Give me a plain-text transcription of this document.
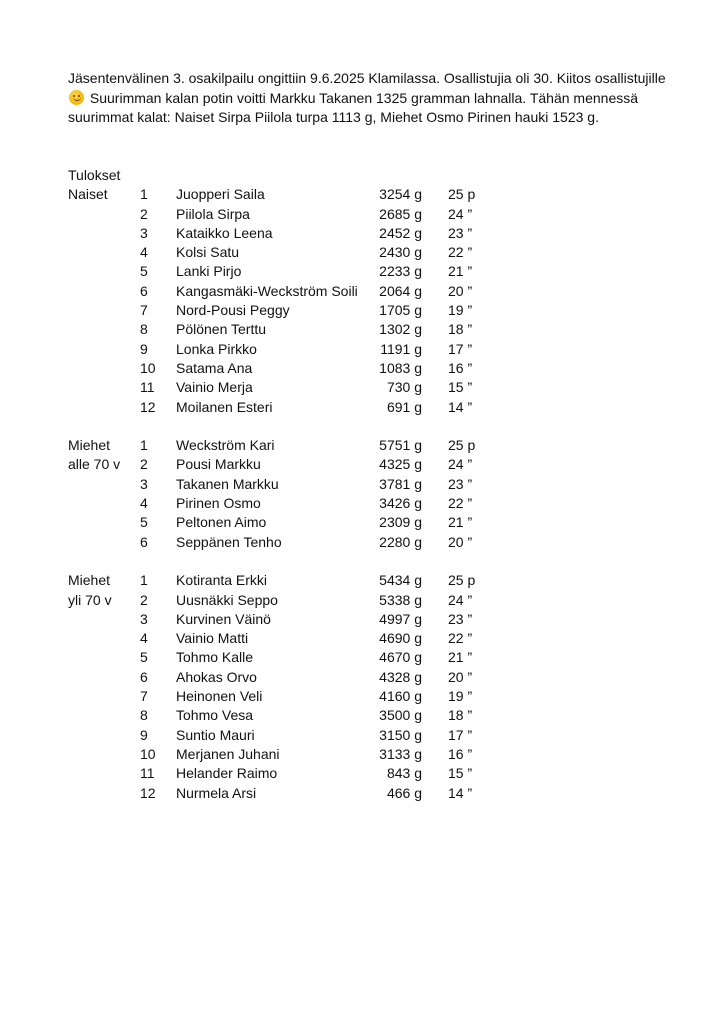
Jäsentenvälinen 3. osakilpailu ongittiin 9.6.2025 Klamilassa. Osallistujia oli 30. Kiitos osallistujille  Suurimman kalan potin voitti Markku Takanen 1325 gramman lahnalla. Tähän mennessä suurimmat kalat: Naiset Sirpa Piilola turpa 1113 g, Miehet Osmo Pirinen hauki 1523 g.

Tulokset
Naiset 1 Juopperi Saila	3254 g 25 p
2 Piilola Sirpa	2685 g 24 ”
3 Kataikko Leena	2452 g 23 ”
4 Kolsi Satu	2430 g 22 ”
5 Lanki Pirjo	2233 g 21 ”
6 Kangasmäki-Weckström Soili	2064 g 20 ”
7 Nord-Pousi Peggy	1705 g 19 ”
8 Pölönen Terttu	1302 g 18 ”
9 Lonka Pirkko	1191 g 17 ”
10 Satama Ana	1083 g 16 ”
11 Vainio Merja	730 g 15 ”
12 Moilanen Esteri	691 g 14 ”
Miehet 1 Weckström Kari	5751 g 25 p
alle 70 v 2 Pousi Markku	4325 g 24 ”
3 Takanen Markku	3781 g 23 ”
4 Pirinen Osmo	3426 g 22 ”
5 Peltonen Aimo	2309 g 21 ”
6 Seppänen Tenho	2280 g 20 ”
Miehet 1 Kotiranta Erkki	5434 g 25 p
yli 70 v 2 Uusnäkki Seppo	5338 g 24 ”
3 Kurvinen Väinö	4997 g 23 ”
4 Vainio Matti	4690 g 22 ”
5 Tohmo Kalle	4670 g 21 ”
6 Ahokas Orvo	4328 g 20 ”
7 Heinonen Veli	4160 g 19 ”
8 Tohmo Vesa	3500 g 18 ”
9 Suntio Mauri	3150 g 17 ”
10 Merjanen Juhani	3133 g 16 ”
11 Helander Raimo	843 g 15 ”
12 Nurmela Arsi	466 g 14 ”
